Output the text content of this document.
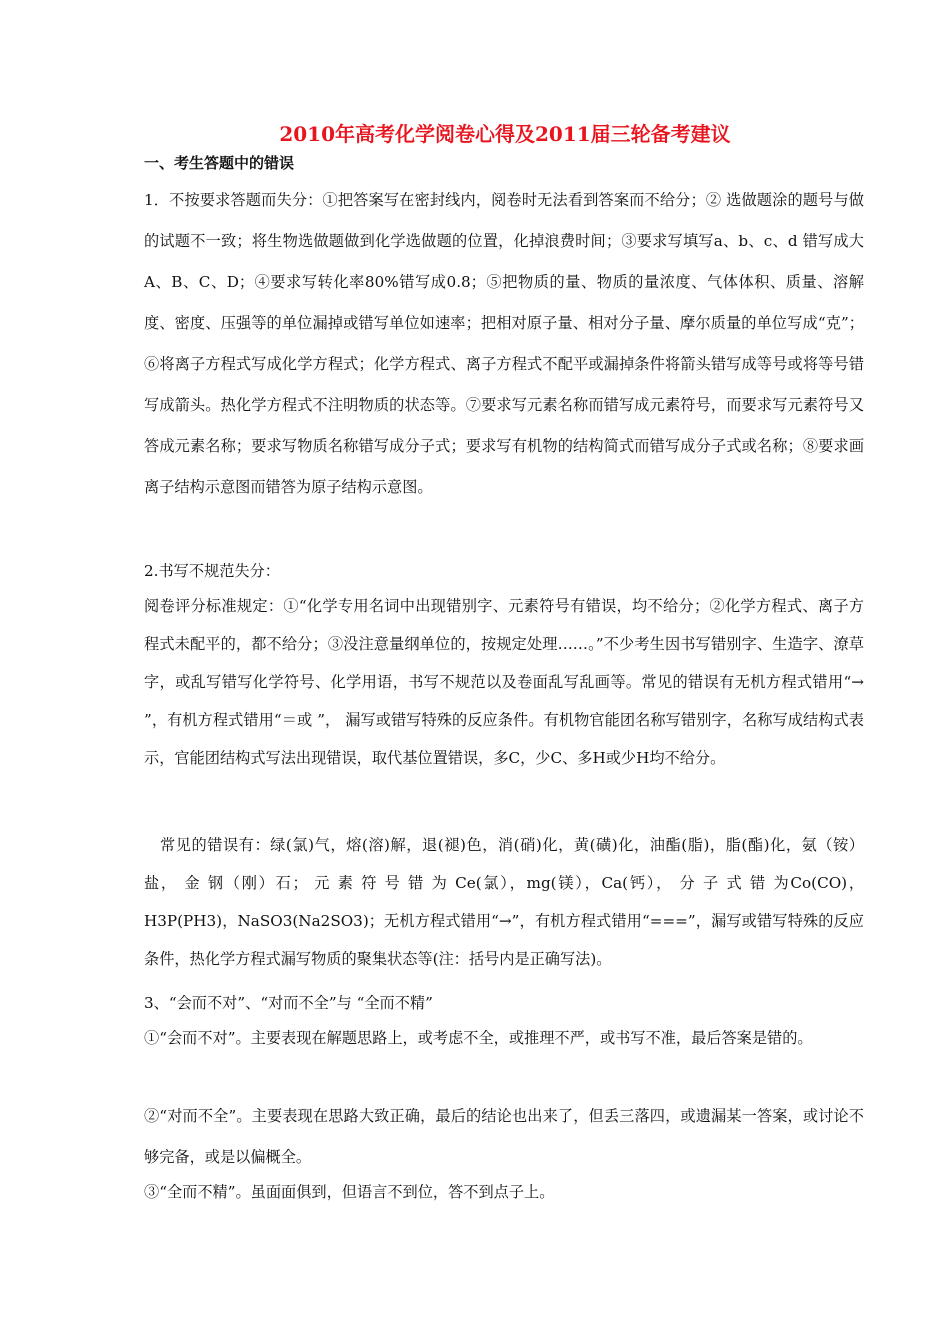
2010年高考化学阅卷心得及2011届三轮备考建议
一、考生答题中的错误

1．不按要求答题而失分：①把答案写在密封线内，阅卷时无法看到答案而不给分；② 选做题涂的题号与做的试题不一致；将生物选做题做到化学选做题的位置，化掉浪费时间；③要求写填写a、b、c、d 错写成大A、B、C、D；④要求写转化率80%错写成0.8；⑤把物质的量、物质的量浓度、气体体积、质量、溶解度、密度、压强等的单位漏掉或错写单位如速率；把相对原子量、相对分子量、摩尔质量的单位写成“克”；⑥将离子方程式写成化学方程式；化学方程式、离子方程式不配平或漏掉条件将箭头错写成等号或将等号错写成箭头。热化学方程式不注明物质的状态等。⑦要求写元素名称而错写成元素符号，而要求写元素符号又答成元素名称；要求写物质名称错写成分子式；要求写有机物的结构简式而错写成分子式或名称；⑧要求画离子结构示意图而错答为原子结构示意图。

2.书写不规范失分：

阅卷评分标准规定：①“化学专用名词中出现错别字、元素符号有错误，均不给分；②化学方程式、离子方程式未配平的，都不给分；③没注意量纲单位的，按规定处理……。”不少考生因书写错别字、生造字、潦草字，或乱写错写化学符号、化学用语，书写不规范以及卷面乱写乱画等。常见的错误有无机方程式错用“→ ”，有机方程式错用“＝或 ”， 漏写或错写特殊的反应条件。有机物官能团名称写错别字，名称写成结构式表示，官能团结构式写法出现错误，取代基位置错误，多C，少C、多H或少H均不给分。

常见的错误有：绿(氯)气，熔(溶)解，退(褪)色，消(硝)化，黄(磺)化，油酯(脂)，脂(酯)化，氨（铵）盐， 金 钢（刚）石； 元 素 符 号 错 为 Ce(氯），mg(镁），Ca(钙）， 分 子 式 错 为Co(CO)，H3P(PH3)，NaSO3(Na2SO3)；无机方程式错用“→”，有机方程式错用“===”，漏写或错写特殊的反应条件，热化学方程式漏写物质的聚集状态等(注：括号内是正确写法)。

3、“会而不对”、“对而不全”与 “全而不精”

①“会而不对”。主要表现在解题思路上，或考虑不全，或推理不严，或书写不准，最后答案是错的。

②“对而不全”。主要表现在思路大致正确，最后的结论也出来了，但丢三落四，或遗漏某一答案，或讨论不够完备，或是以偏概全。

③“全而不精”。虽面面俱到，但语言不到位，答不到点子上。
